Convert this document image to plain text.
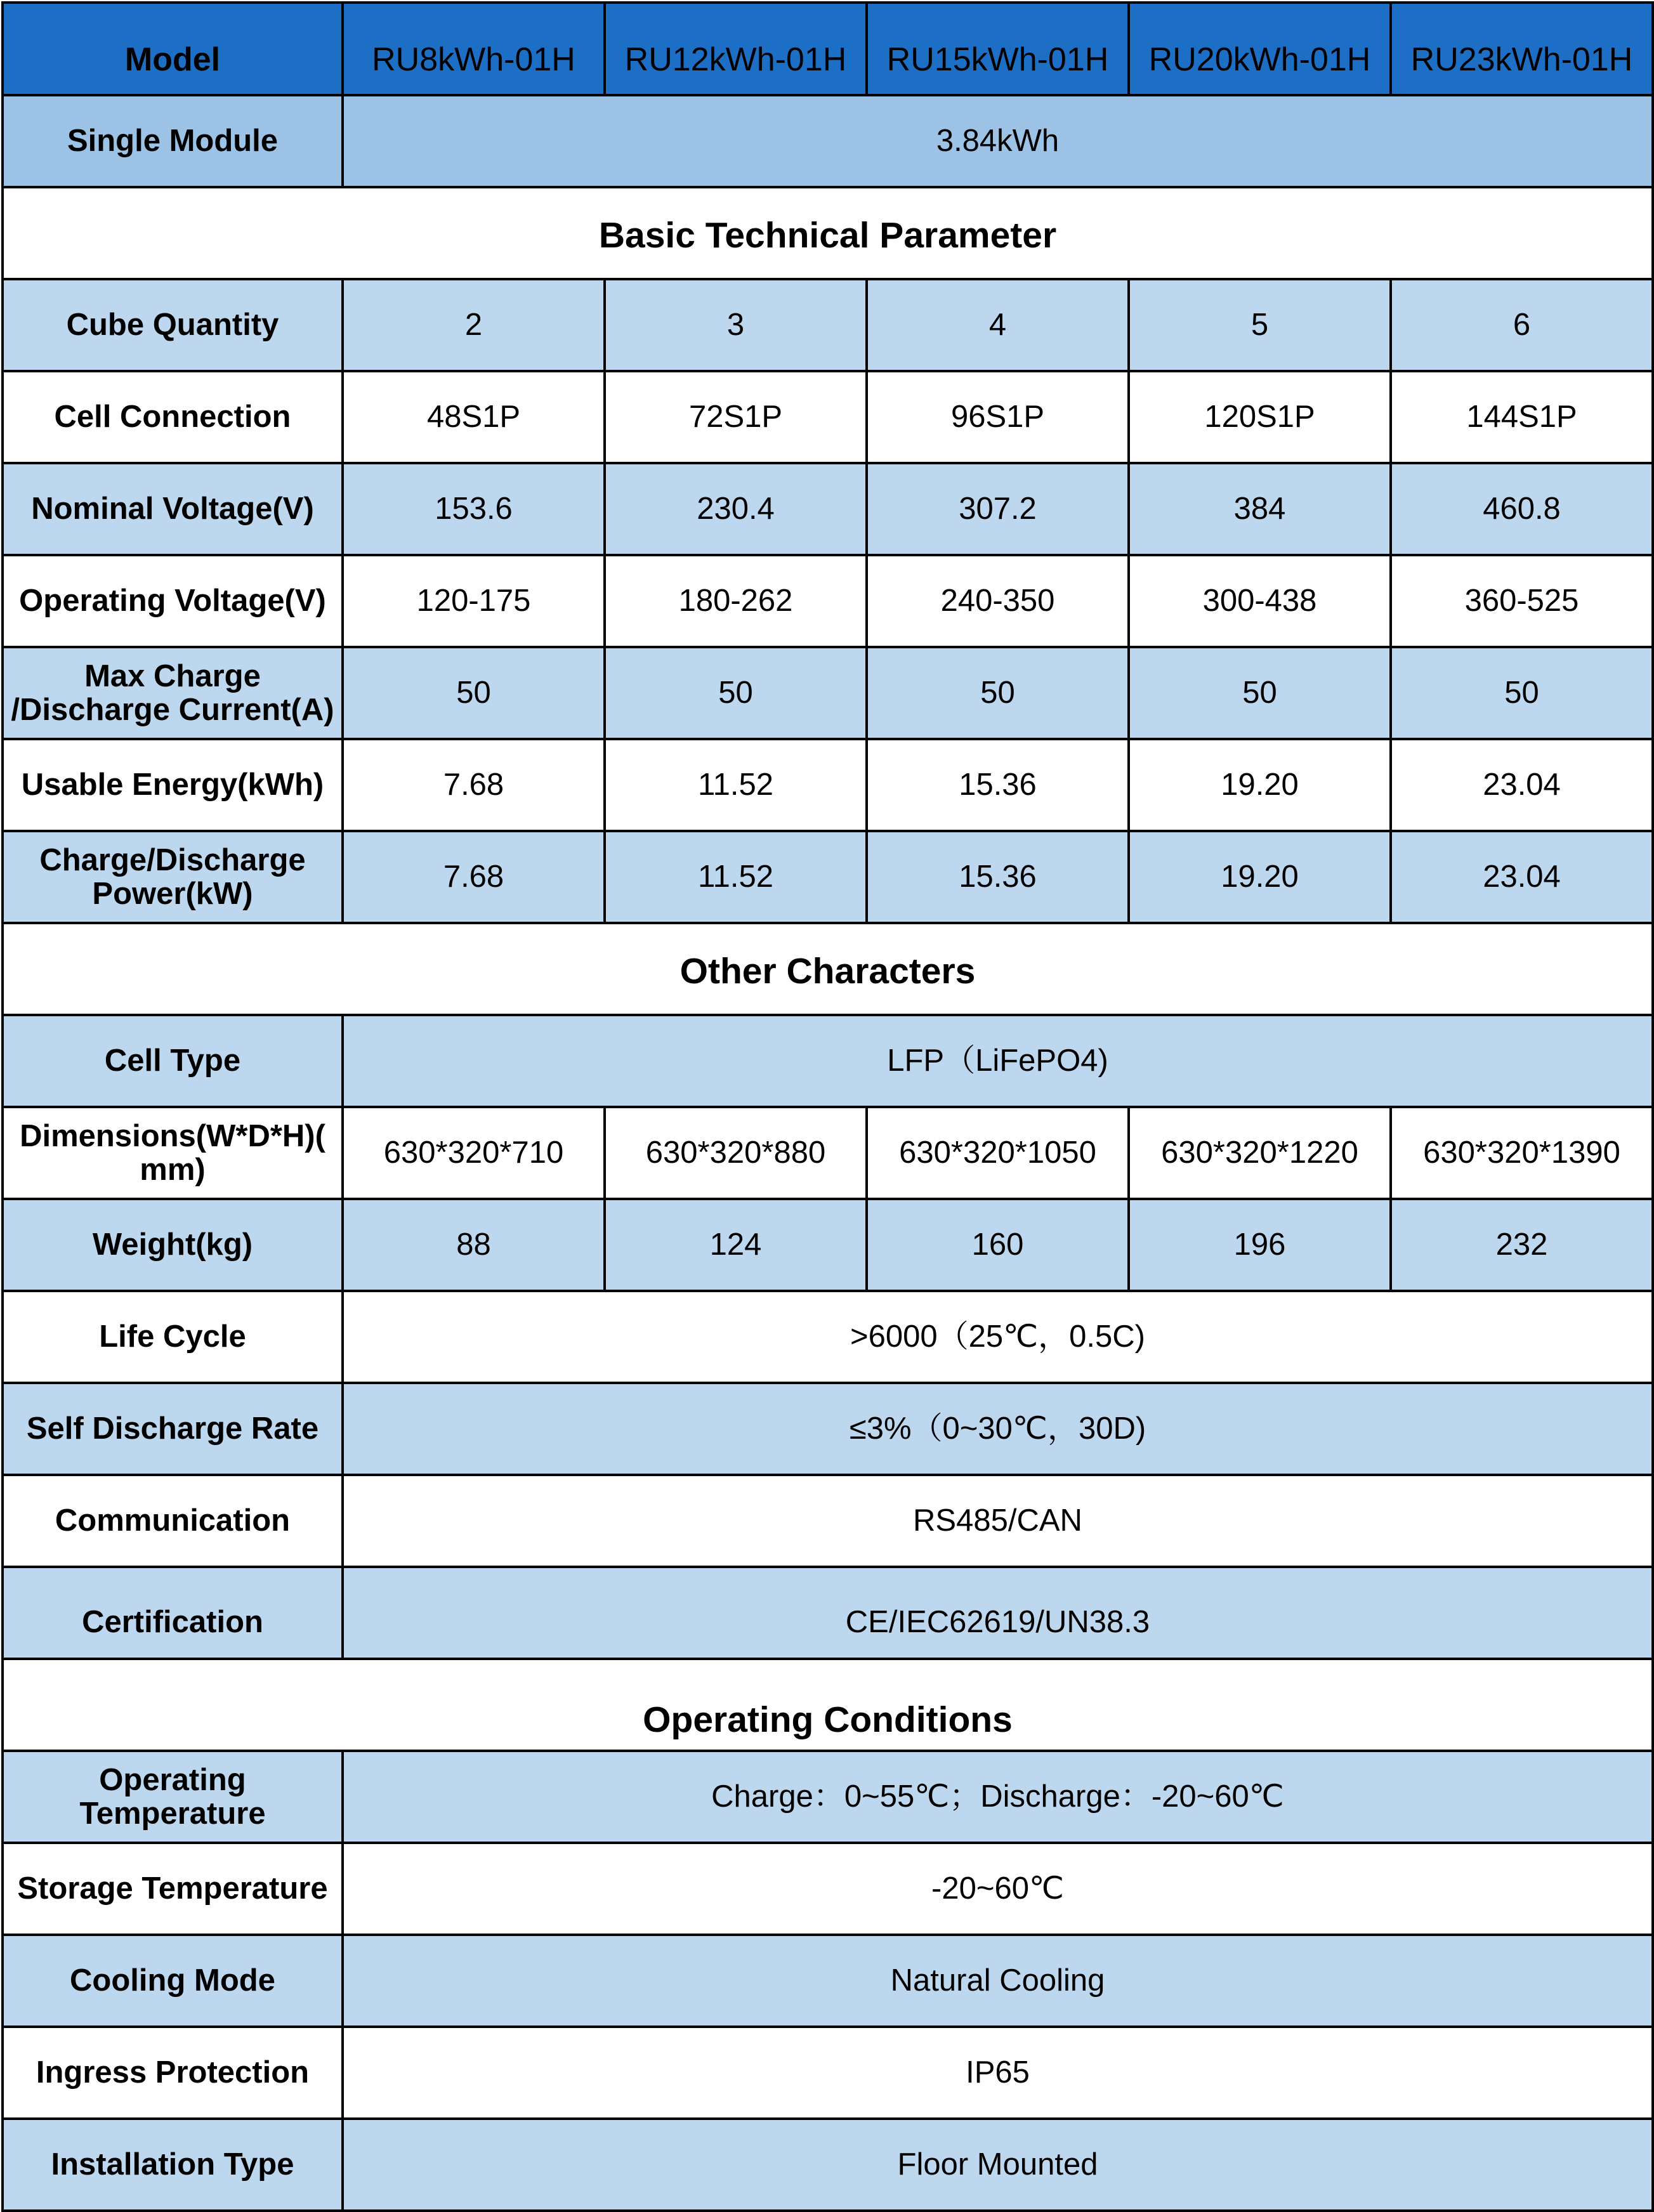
Model	RU8kWh-01H	RU12kWh-01H	RU15kWh-01H	RU20kWh-01H	RU23kWh-01H
Single Module	3.84kWh				
Basic Technical Parameter					
Cube Quantity	2	3	4	5	6
Cell Connection	48S1P	72S1P	96S1P	120S1P	144S1P
Nominal Voltage(V)	153.6	230.4	307.2	384	460.8
Operating Voltage(V)	120-175	180-262	240-350	300-438	360-525

Max Charge
/Discharge Current(A)	50	50	50	50	50
Usable Energy(kWh)	7.68	11.52	15.36	19.20	23.04

Charge/Discharge
Power(kW)	7.68	11.52	15.36	19.20	23.04
Other Characters					
Cell Type	LFP（LiFePO4)				

Dimensions(W*D*H)(
mm)	630*320*710	630*320*880	630*320*1050	630*320*1220	630*320*1390
Weight(kg)	88	124	160	196	232
Life Cycle	>6000（25℃，0.5C)				
Self Discharge Rate	≤3%（0~30℃，30D)				
Communication	RS485/CAN				
Certification	CE/IEC62619/UN38.3				
Operating Conditions					

Operating
Temperature	Charge：0~55℃；Discharge：-20~60℃				
Storage Temperature	-20~60℃				
Cooling Mode	Natural Cooling				
Ingress Protection	IP65				
Installation Type	Floor Mounted				
